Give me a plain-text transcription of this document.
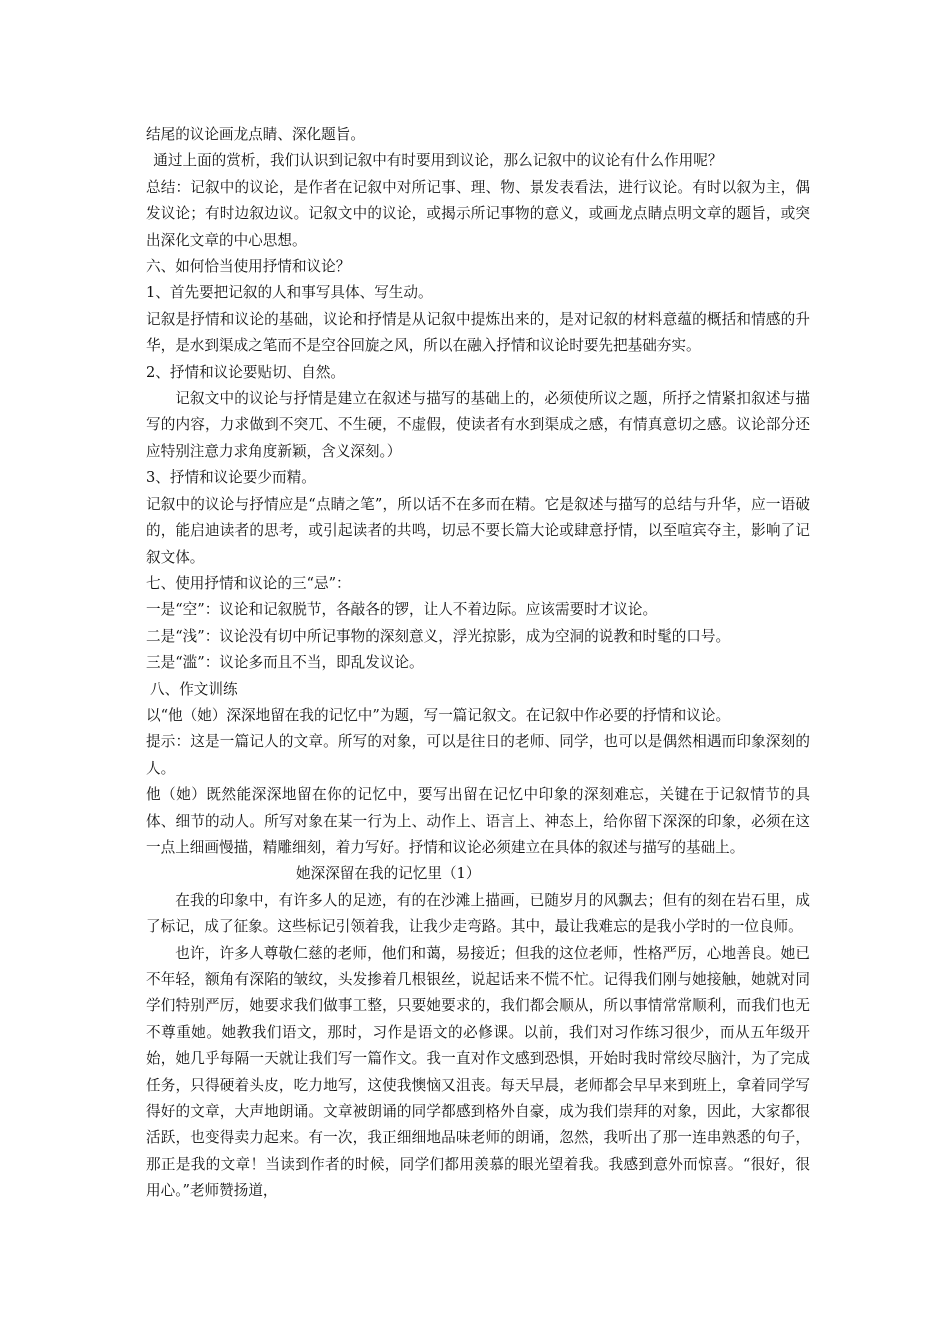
结尾的议论画龙点睛、深化题旨。

通过上面的赏析，我们认识到记叙中有时要用到议论，那么记叙中的议论有什么作用呢？

总结：记叙中的议论，是作者在记叙中对所记事、理、物、景发表看法，进行议论。有时以叙为主，偶发议论；有时边叙边议。记叙文中的议论，或揭示所记事物的意义，或画龙点睛点明文章的题旨，或突出深化文章的中心思想。

六、如何恰当使用抒情和议论？

1、首先要把记叙的人和事写具体、写生动。

记叙是抒情和议论的基础，议论和抒情是从记叙中提炼出来的，是对记叙的材料意蕴的概括和情感的升华，是水到渠成之笔而不是空谷回旋之风，所以在融入抒情和议论时要先把基础夯实。

2、抒情和议论要贴切、自然。

记叙文中的议论与抒情是建立在叙述与描写的基础上的，必须使所议之题，所抒之情紧扣叙述与描写的内容，力求做到不突兀、不生硬，不虚假，使读者有水到渠成之感，有情真意切之感。议论部分还应特别注意力求角度新颖，含义深刻。）

3、抒情和议论要少而精。

记叙中的议论与抒情应是“点睛之笔”，所以话不在多而在精。它是叙述与描写的总结与升华，应一语破的，能启迪读者的思考，或引起读者的共鸣，切忌不要长篇大论或肆意抒情，以至喧宾夺主，影响了记叙文体。

七、使用抒情和议论的三“忌”：

一是“空”：议论和记叙脱节，各敲各的锣，让人不着边际。应该需要时才议论。

二是“浅”：议论没有切中所记事物的深刻意义，浮光掠影，成为空洞的说教和时髦的口号。

三是“滥”：议论多而且不当，即乱发议论。

八、作文训练

以“他（她）深深地留在我的记忆中”为题，写一篇记叙文。在记叙中作必要的抒情和议论。

提示：这是一篇记人的文章。所写的对象，可以是往日的老师、同学，也可以是偶然相遇而印象深刻的人。

他（她）既然能深深地留在你的记忆中，要写出留在记忆中印象的深刻难忘，关键在于记叙情节的具体、细节的动人。所写对象在某一行为上、动作上、语言上、神态上，给你留下深深的印象，必须在这一点上细画慢描，精雕细刻，着力写好。抒情和议论必须建立在具体的叙述与描写的基础上。

她深深留在我的记忆里（1）

在我的印象中，有许多人的足迹，有的在沙滩上描画，已随岁月的风飘去；但有的刻在岩石里，成了标记，成了征象。这些标记引领着我，让我少走弯路。其中，最让我难忘的是我小学时的一位良师。

也许，许多人尊敬仁慈的老师，他们和蔼，易接近；但我的这位老师，性格严厉，心地善良。她已不年轻，额角有深陷的皱纹，头发掺着几根银丝，说起话来不慌不忙。记得我们刚与她接触，她就对同学们特别严厉，她要求我们做事工整，只要她要求的，我们都会顺从，所以事情常常顺利，而我们也无不尊重她。她教我们语文，那时，习作是语文的必修课。以前，我们对习作练习很少，而从五年级开始，她几乎每隔一天就让我们写一篇作文。我一直对作文感到恐惧，开始时我时常绞尽脑汁，为了完成任务，只得硬着头皮，吃力地写，这使我懊恼又沮丧。每天早晨，老师都会早早来到班上，拿着同学写得好的文章，大声地朗诵。文章被朗诵的同学都感到格外自豪，成为我们崇拜的对象，因此，大家都很活跃，也变得卖力起来。有一次，我正细细地品味老师的朗诵，忽然，我听出了那一连串熟悉的句子，那正是我的文章！当读到作者的时候，同学们都用羡慕的眼光望着我。我感到意外而惊喜。“很好，很用心。”老师赞扬道，
